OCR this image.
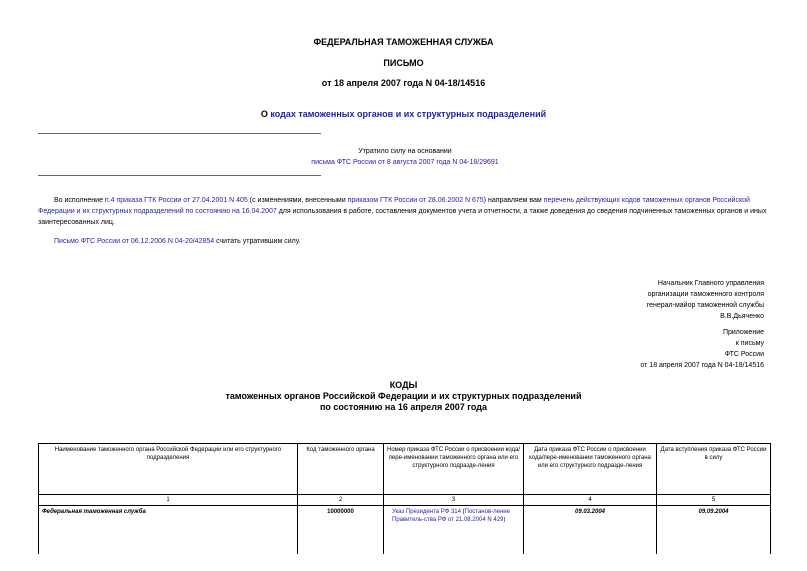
ФЕДЕРАЛЬНАЯ ТАМОЖЕННАЯ СЛУЖБА
ПИСЬМО
от 18 апреля 2007 года N 04-18/14516
О кодах таможенных органов и их структурных подразделений
Утратило силу на основании
письма ФТС России от 8 августа 2007 года N 04-18/29691
Во исполнение п.4 приказа ГТК России от 27.04.2001 N 405 (с изменениями, внесенными приказом ГТК России от 28.06.2002 N 675) направляем вам перечень действующих кодов таможенных органов Российской Федерации и их структурных подразделений по состоянию на 16.04.2007 для использования в работе, составления документов учета и отчетности, а также доведения до сведения подчиненных таможенных органов и иных заинтересованных лиц.
Письмо ФТС России от 06.12.2006 N 04-20/42854 считать утратившим силу.
Начальник Главного управления
организации таможенного контроля
генерал-майор таможенной службы
В.В.Дьяченко
Приложение
к письму
ФТС России
от 18 апреля 2007 года N 04-18/14516
КОДЫ
таможенных органов Российской Федерации и их структурных подразделений
по состоянию на 16 апреля 2007 года
Наименование таможенного органа Российской Федерации или его структурного подразделения	Код таможенного органа	Номер приказа ФТС России о присвоении кода/пере-именовании таможенного органа или его структурного подразде-ления	Дата приказа ФТС России о присвоении кода/пере-именовании таможенного органа или его структурного подразде-ления	Дата вступления приказа ФТС России в силу
1	2	3	4	5
Федеральная таможенная служба	10000000	Указ Президента РФ 314 (Постанов-ление Правитель-ства РФ от 21.08.2004 N 429)	09.03.2004	09.09.2004
